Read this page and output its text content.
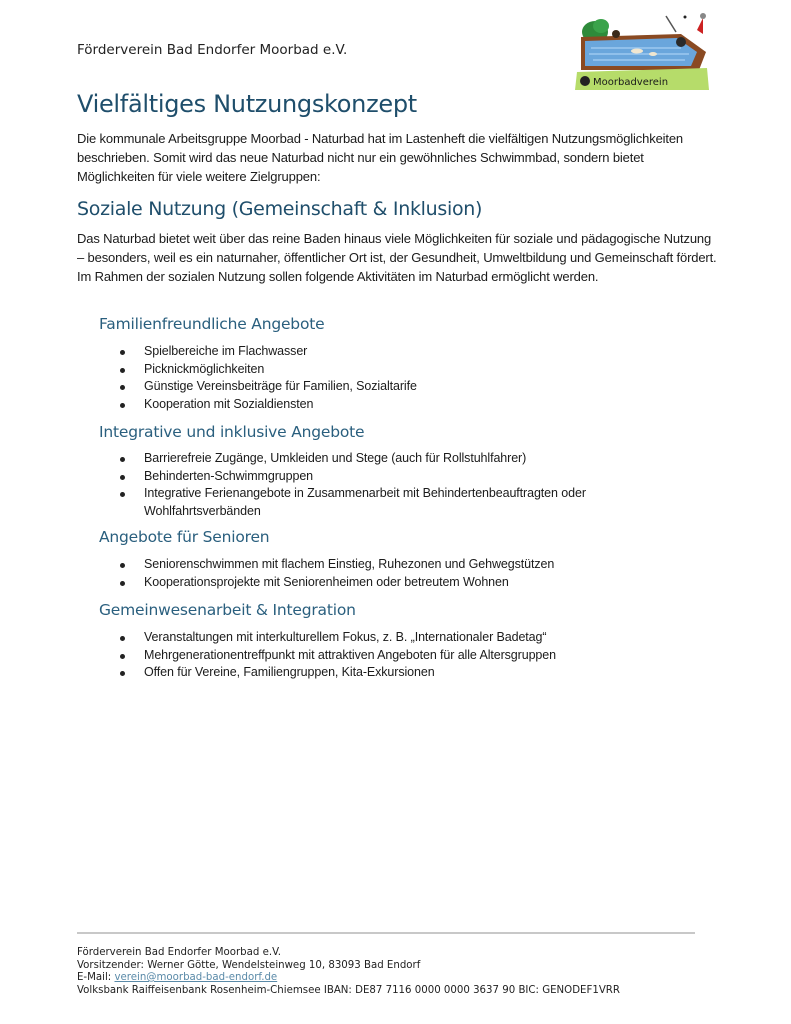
Förderverein Bad Endorfer Moorbad e.V.
Moorbadverein
Vielfältiges Nutzungskonzept

Die kommunale Arbeitsgruppe Moorbad - Naturbad hat im Lastenheft die vielfältigen Nutzungsmöglichkeiten beschrieben. Somit wird das neue Naturbad nicht nur ein gewöhnliches Schwimmbad, sondern bietet Möglichkeiten für viele weitere Zielgruppen:

Soziale Nutzung (Gemeinschaft & Inklusion)

Das Naturbad bietet weit über das reine Baden hinaus viele Möglichkeiten für soziale und pädagogische Nutzung – besonders, weil es ein naturnaher, öffentlicher Ort ist, der Gesundheit, Umweltbildung und Gemeinschaft fördert. Im Rahmen der sozialen Nutzung sollen folgende Aktivitäten im Naturbad ermöglicht werden.

Familienfreundliche Angebote
Spielbereiche im Flachwasser
Picknickmöglichkeiten
Günstige Vereinsbeiträge für Familien, Sozialtarife
Kooperation mit Sozialdiensten
Integrative und inklusive Angebote
Barrierefreie Zugänge, Umkleiden und Stege (auch für Rollstuhlfahrer)
Behinderten-Schwimmgruppen
Integrative Ferienangebote in Zusammenarbeit mit Behindertenbeauftragten oder Wohlfahrtsverbänden
Angebote für Senioren
Seniorenschwimmen mit flachem Einstieg, Ruhezonen und Gehwegstützen
Kooperationsprojekte mit Seniorenheimen oder betreutem Wohnen
Gemeinwesenarbeit & Integration
Veranstaltungen mit interkulturellem Fokus, z. B. „Internationaler Badetag“
Mehrgenerationentreffpunkt mit attraktiven Angeboten für alle Altersgruppen
Offen für Vereine, Familiengruppen, Kita-Exkursionen
Förderverein Bad Endorfer Moorbad e.V.
Vorsitzender: Werner Götte, Wendelsteinweg 10, 83093 Bad Endorf
E-Mail: verein@moorbad-bad-endorf.de
Volksbank Raiffeisenbank Rosenheim-Chiemsee IBAN: DE87 7116 0000 0000 3637 90 BIC: GENODEF1VRR
